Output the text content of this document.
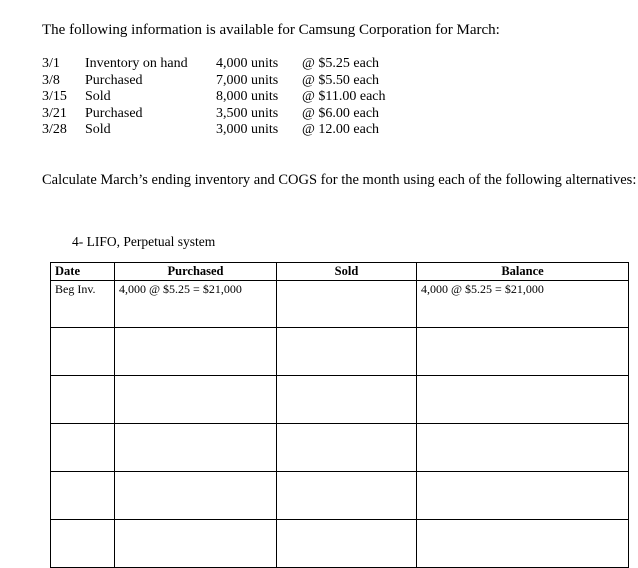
The following information is available for Camsung Corporation for March:
3/1 Inventory on hand 4,000 units @ $5.25 each
3/8 Purchased	7,000 units @ $5.50 each
3/15 Sold	8,000 units @ $11.00 each
3/21 Purchased	3,500 units @ $6.00 each
3/28 Sold	3,000 units @ 12.00 each
Calculate March’s ending inventory and COGS for the month using each of the following alternatives:
4- LIFO, Perpetual system
Date	Purchased	Sold	Balance
Beg Inv.	4,000 @ $5.25 = $21,000		4,000 @ $5.25 = $21,000
